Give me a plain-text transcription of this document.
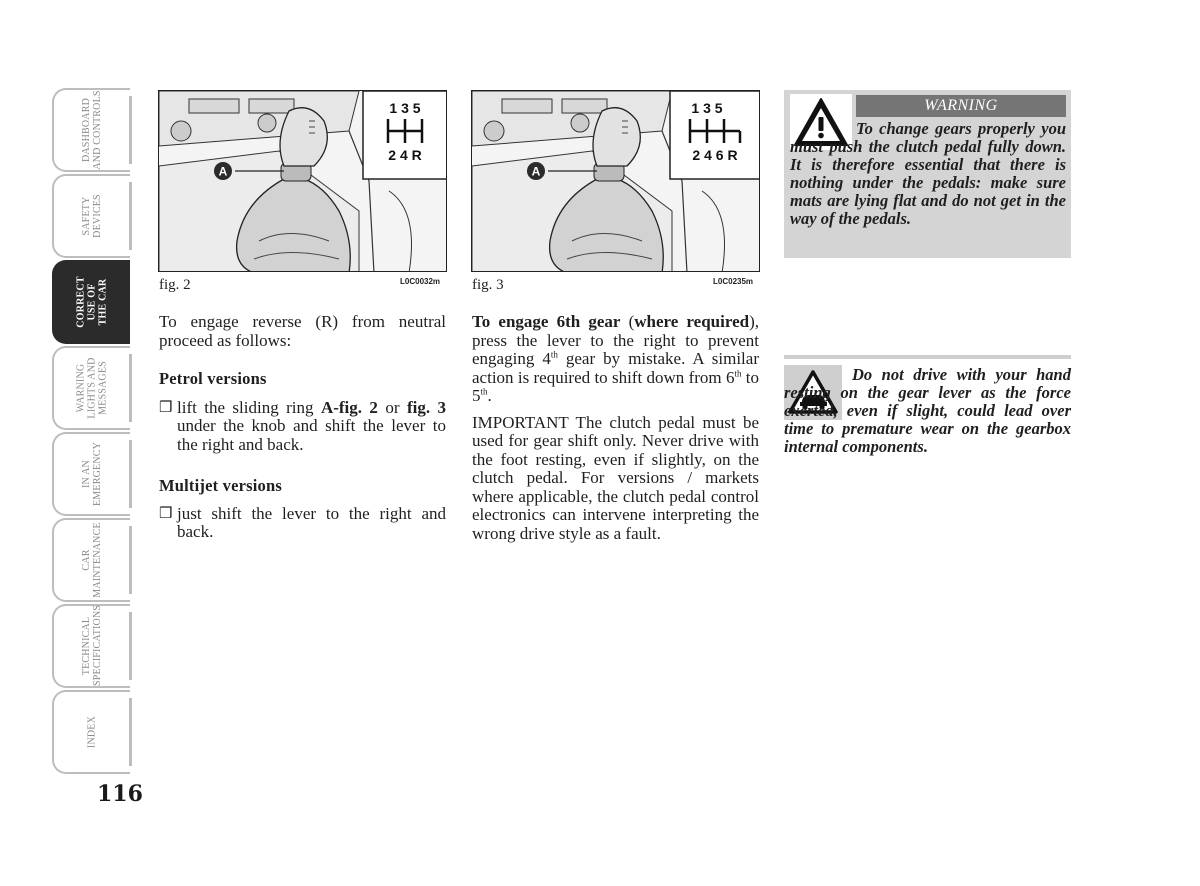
DASHBOARD
AND CONTROLS
SAFETY
DEVICES
CORRECT
USE OF
THE CAR
WARNING
LIGHTS AND
MESSAGES
IN AN
EMERGENCY
CAR
MAINTENANCE
TECHNICAL
SPECIFICATIONS
INDEX
116
A
1 3 5
2 4 R
fig. 2	L0C0032m
A
1 3 5
2 4 6 R
fig. 3	L0C0235m

To engage reverse (R) from neutral proceed as follows:

Petrol versions

❒ lift the sliding ring A-fig. 2 or fig. 3 under the knob and shift the lever to the right and back.

Multijet versions

❒ just shift the lever to the right and back.

To engage 6th gear (where required), press the lever to the right to prevent engaging 4th gear by mistake. A similar action is required to shift down from 6th to 5th.

IMPORTANT The clutch pedal must be used for gear shift only. Never drive with the foot resting, even if slightly, on the clutch pedal. For versions / markets where applicable, the clutch pedal control electronics can intervene interpreting the wrong drive style as a fault.

WARNING
To change gears properly you must push the clutch pedal fully down. It is therefore essential that there is nothing under the pedals: make sure mats are lying flat and do not get in the way of the pedals.
Do not drive with your hand resting on the gear lever as the force exerted, even if slight, could lead over time to premature wear on the gearbox internal components.
